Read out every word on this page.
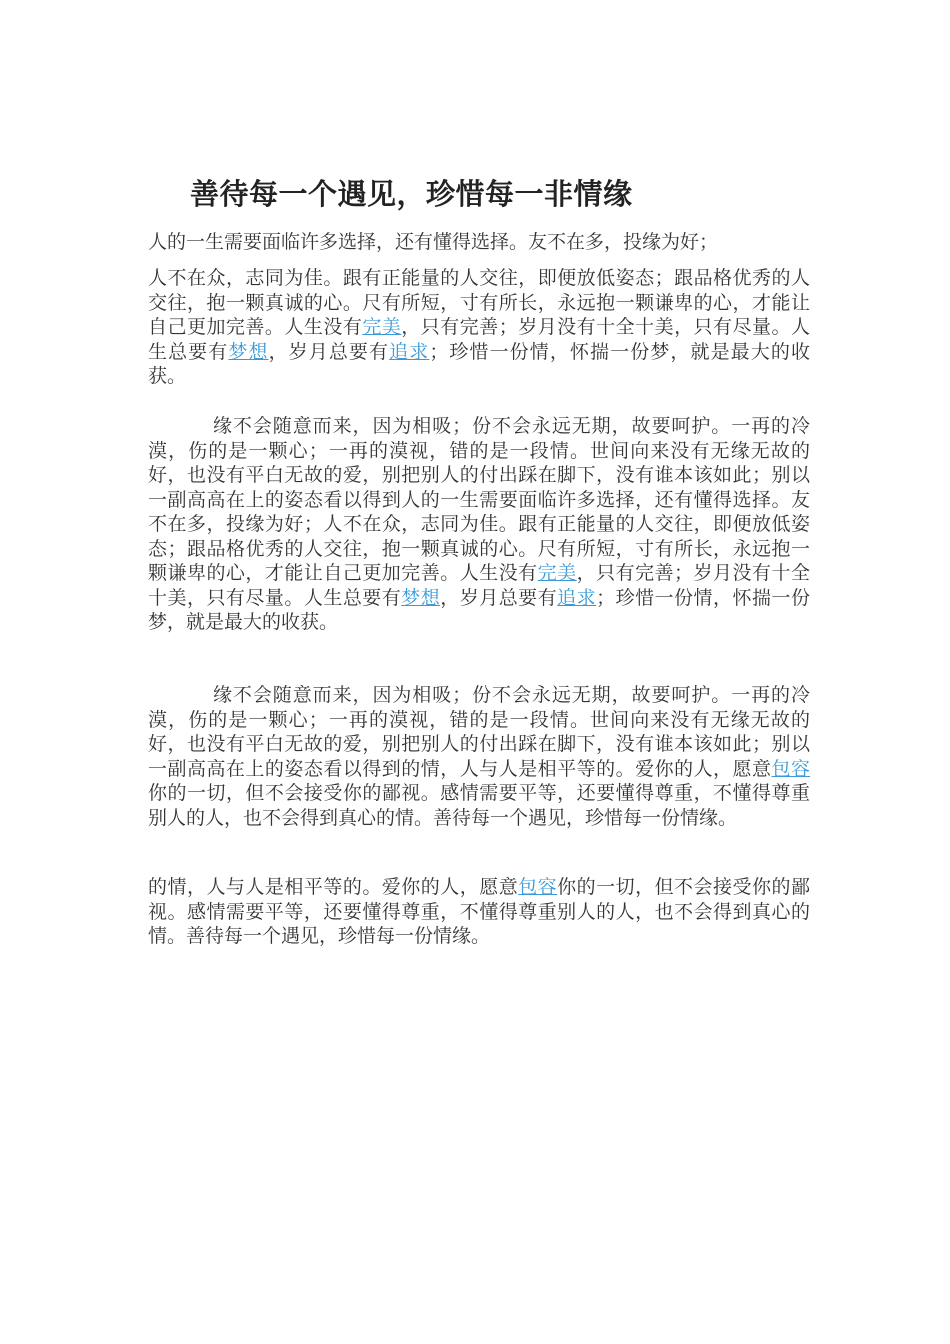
善待每一个遇见，珍惜每一非情缘
人的一生需要面临许多选择，还有懂得选择。友不在多，投缘为好；
人不在众，志同为佳。跟有正能量的人交往，即便放低姿态；跟品格优秀的人交往，抱一颗真诚的心。尺有所短，寸有所长，永远抱一颗谦卑的心，才能让自己更加完善。人生没有完美，只有完善；岁月没有十全十美，只有尽量。人生总要有梦想，岁月总要有追求；珍惜一份情，怀揣一份梦，就是最大的收获。
缘不会随意而来，因为相吸；份不会永远无期，故要呵护。一再的冷漠，伤的是一颗心；一再的漠视，错的是一段情。世间向来没有无缘无故的好，也没有平白无故的爱，别把别人的付出踩在脚下，没有谁本该如此；别以一副高高在上的姿态看以得到人的一生需要面临许多选择，还有懂得选择。友不在多，投缘为好；人不在众，志同为佳。跟有正能量的人交往，即便放低姿态；跟品格优秀的人交往，抱一颗真诚的心。尺有所短，寸有所长，永远抱一颗谦卑的心，才能让自己更加完善。人生没有完美，只有完善；岁月没有十全十美，只有尽量。人生总要有梦想，岁月总要有追求；珍惜一份情，怀揣一份梦，就是最大的收获。
缘不会随意而来，因为相吸；份不会永远无期，故要呵护。一再的冷漠，伤的是一颗心；一再的漠视，错的是一段情。世间向来没有无缘无故的好，也没有平白无故的爱，别把别人的付出踩在脚下，没有谁本该如此；别以一副高高在上的姿态看以得到的情，人与人是相平等的。爱你的人，愿意包容你的一切，但不会接受你的鄙视。感情需要平等，还要懂得尊重，不懂得尊重别人的人，也不会得到真心的情。善待每一个遇见，珍惜每一份情缘。
的情，人与人是相平等的。爱你的人，愿意包容你的一切，但不会接受你的鄙视。感情需要平等，还要懂得尊重，不懂得尊重别人的人，也不会得到真心的情。善待每一个遇见，珍惜每一份情缘。
